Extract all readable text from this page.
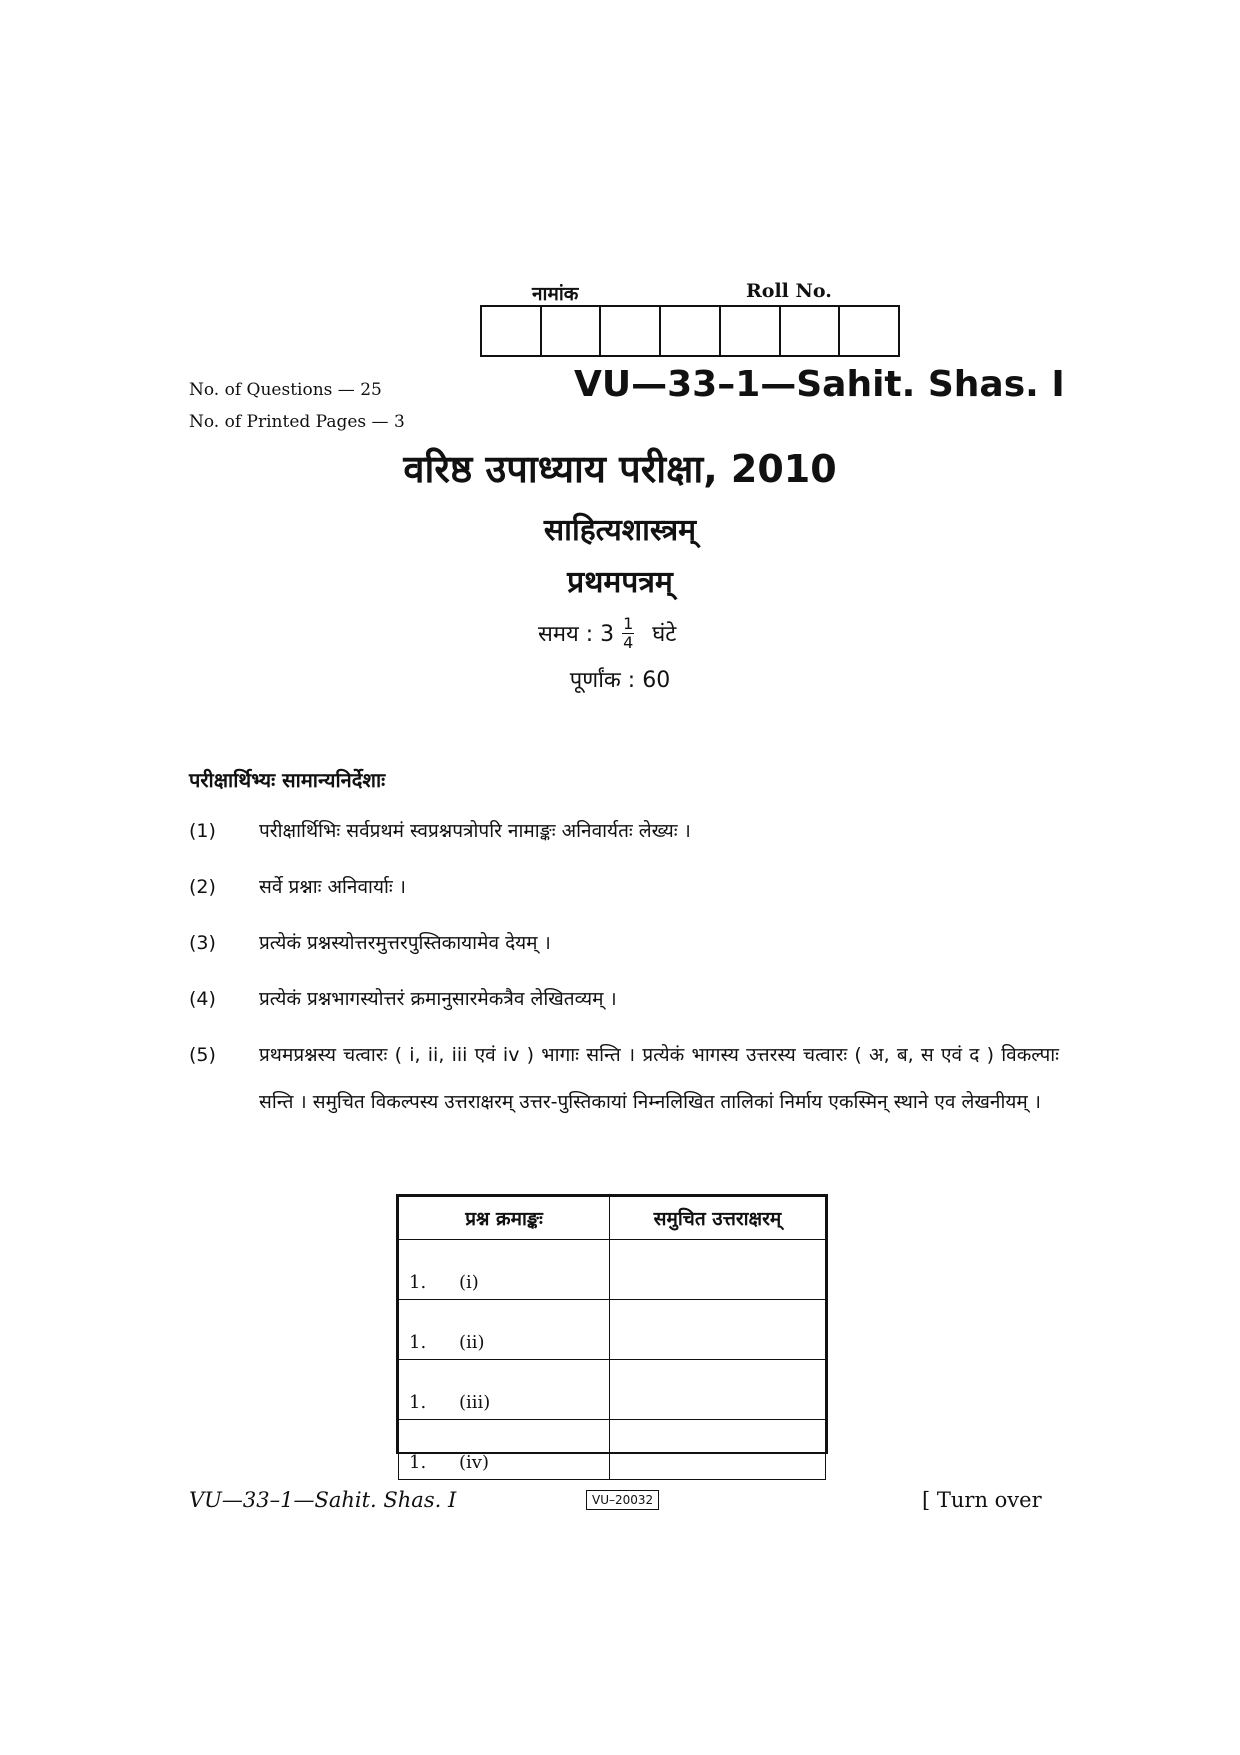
नामांक	Roll No.
No. of Questions — 25
No. of Printed Pages — 3
VU—33–1—Sahit. Shas. I
वरिष्ठ उपाध्याय परीक्षा, 2010
साहित्यशास्त्रम्
प्रथमपत्रम्
समय : $3 \frac{1}{4}$ घंटे
पूर्णांक : 60
परीक्षार्थिभ्यः सामान्यनिर्देशाः
(1)	परीक्षार्थिभिः सर्वप्रथमं स्वप्रश्नपत्रोपरि नामाङ्कः अनिवार्यतः लेख्यः ।
(2)	सर्वे प्रश्नाः अनिवार्याः ।
(3)	प्रत्येकं प्रश्नस्योत्तरमुत्तरपुस्तिकायामेव देयम् ।
(4)	प्रत्येकं प्रश्नभागस्योत्तरं क्रमानुसारमेकत्रैव लेखितव्यम् ।
(5)	प्रथमप्रश्नस्य चत्वारः ( i, ii, iii एवं iv ) भागाः सन्ति । प्रत्येकं भागस्य उत्तरस्य चत्वारः ( अ, ब, स एवं द ) विकल्पाः सन्ति । समुचित विकल्पस्य उत्तराक्षरम् उत्तर-पुस्तिकायां निम्नलिखित तालिकां निर्माय एकस्मिन् स्थाने एव लेखनीयम् ।
प्रश्न क्रमाङ्कः	समुचित उत्तराक्षरम्
1. (i)	
1. (ii)	
1. (iii)	
1. (iv)	
VU—33–1—Sahit. Shas. I	VU–20032	[ Turn over
